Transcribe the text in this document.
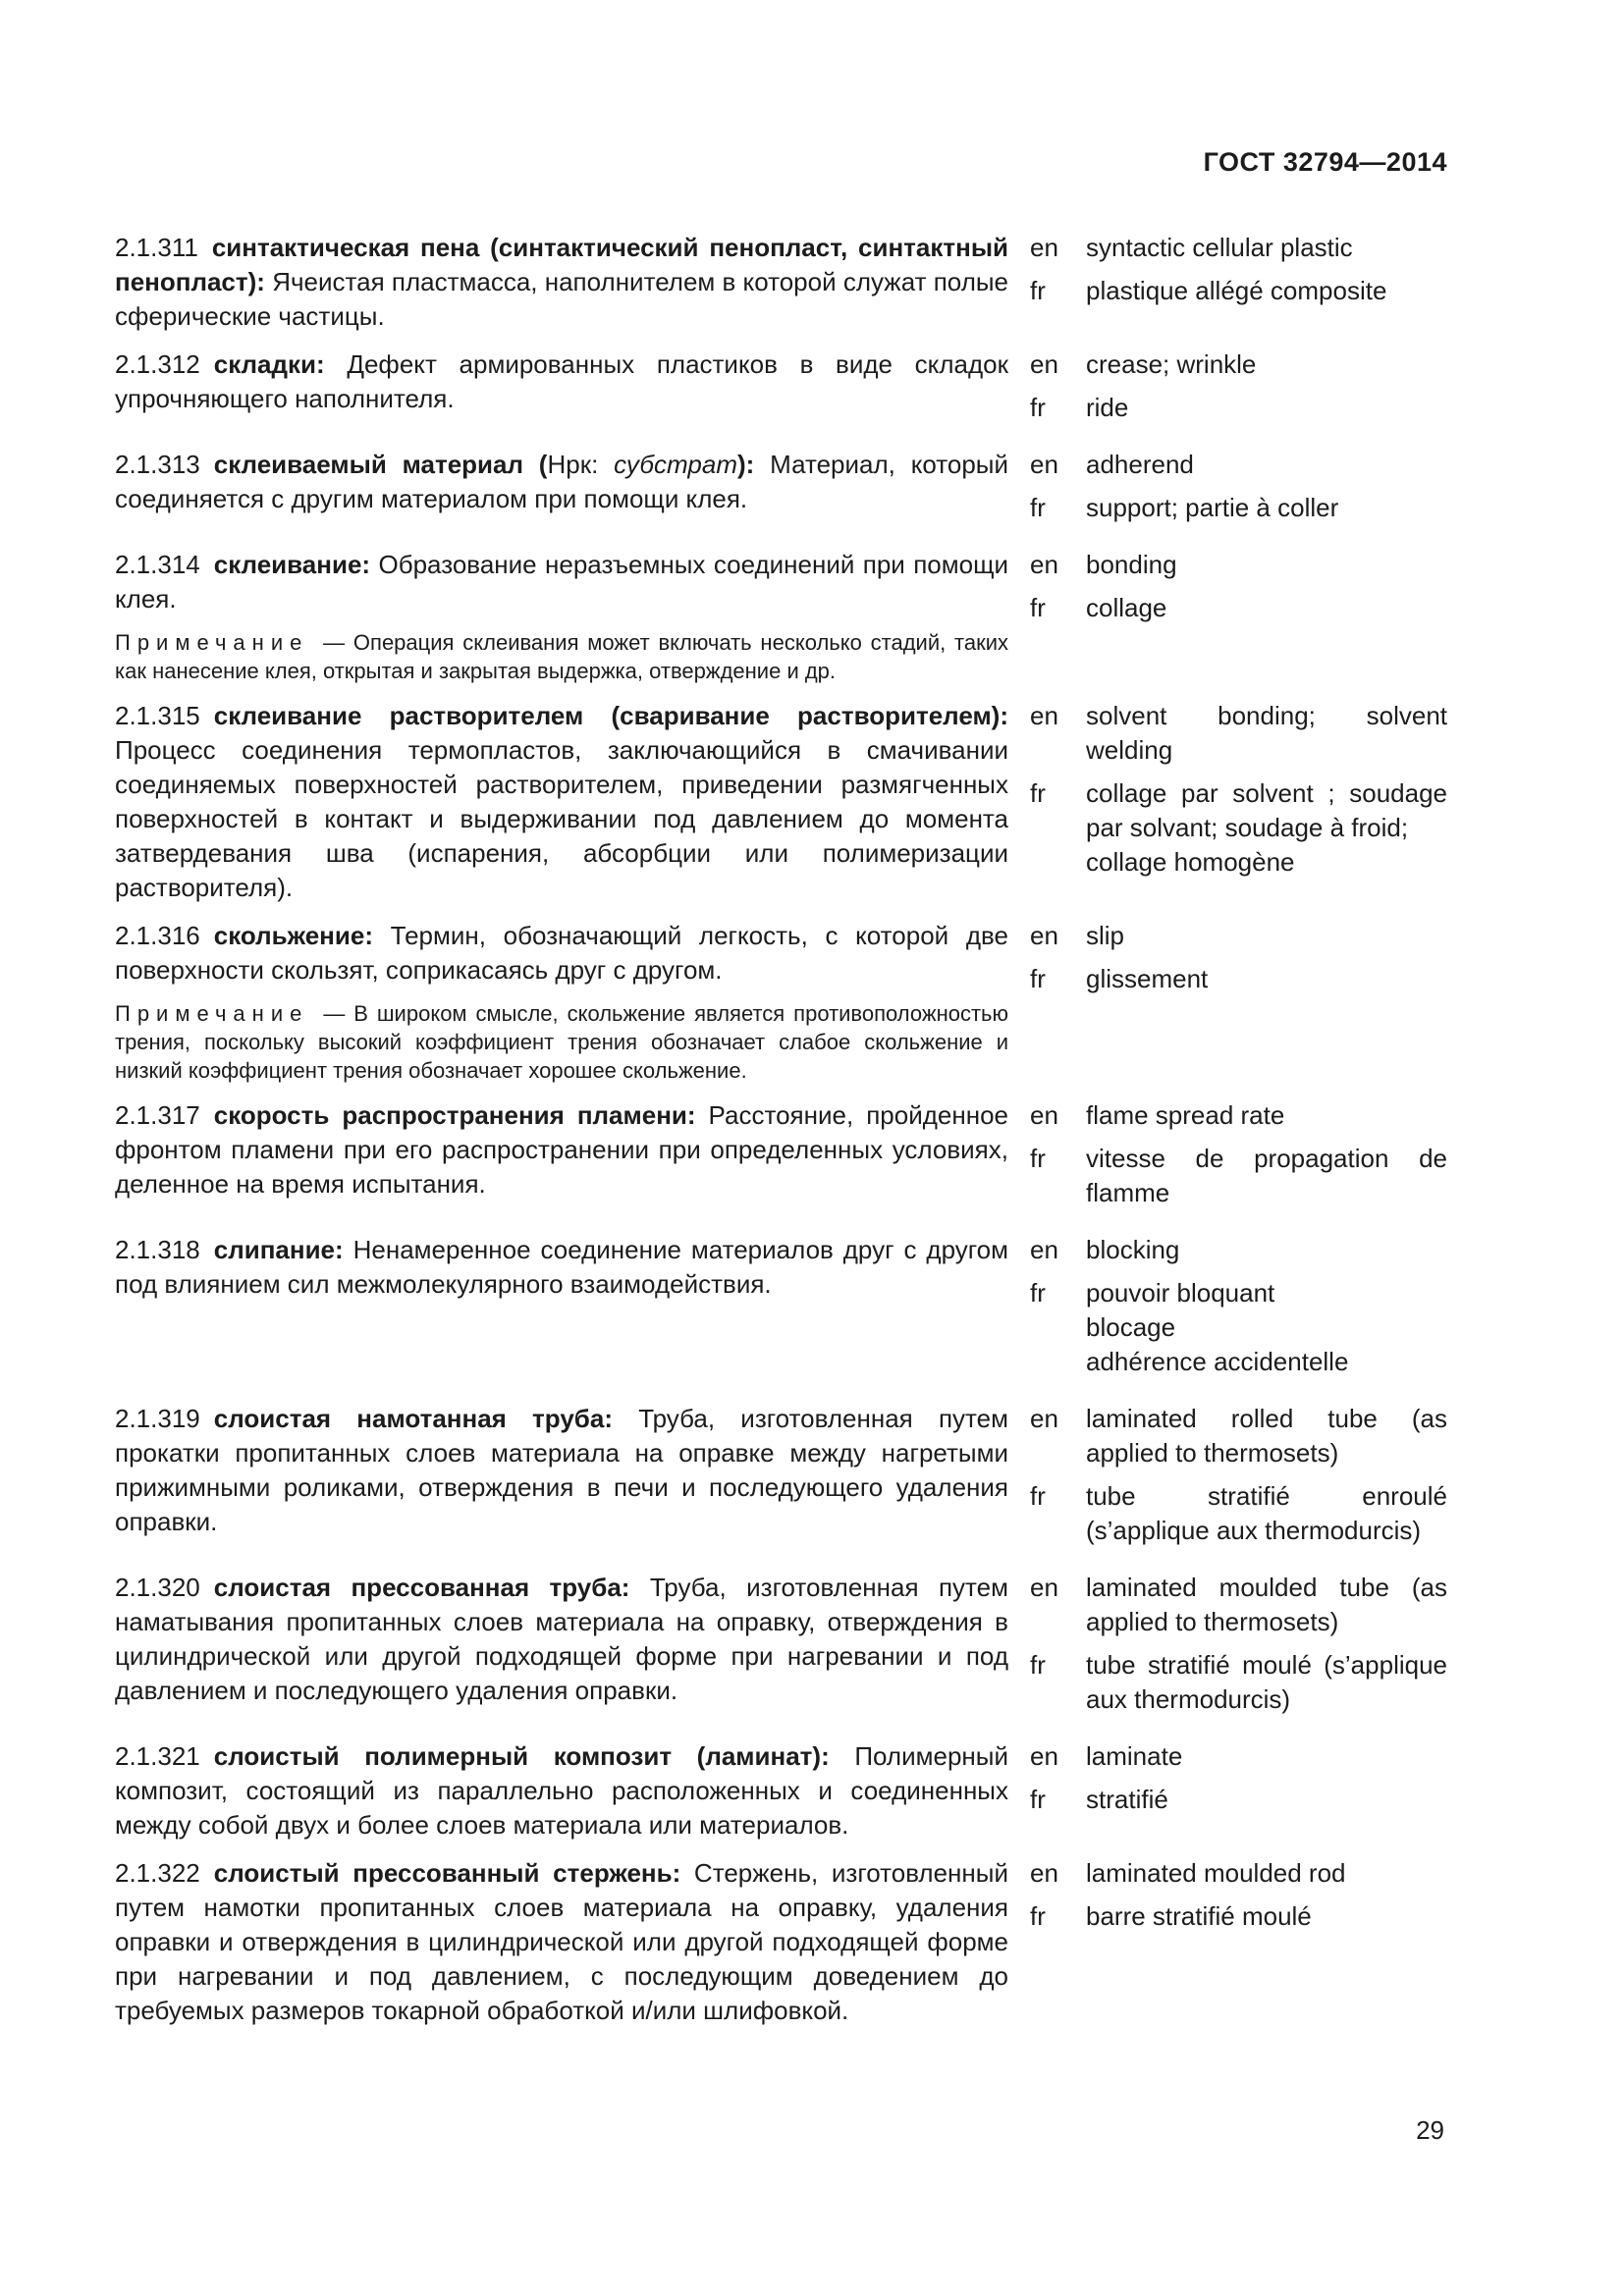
ГОСТ 32794—2014
2.1.311 синтактическая пена (синтактический пенопласт, синтактный пенопласт): Ячеистая пластмасса, наполнителем в которой служат полые сферические частицы.
en	syntactic cellular plastic
fr	plastique allégé composite
2.1.312 складки: Дефект армированных пластиков в виде складок упрочняющего наполнителя.
en	crease; wrinkle
fr	ride
2.1.313 склеиваемый материал (Нрк: субстрат): Материал, который соединяется с другим материалом при помощи клея.
en	adherend
fr	support; partie à coller
2.1.314 склеивание: Образование неразъемных соединений при помощи клея.
Примечание — Операция склеивания может включать несколько стадий, таких как нанесение клея, открытая и закрытая выдержка, отверждение и др.
en	bonding
fr	collage
2.1.315 склеивание растворителем (сваривание растворителем): Процесс соединения термопластов, заключающийся в смачивании соединяемых поверхностей растворителем, приведении размягченных поверхностей в контакт и выдерживании под давлением до момента затвердевания шва (испарения, абсорбции или полимеризации растворителя).
en	solvent bonding; solvent welding
fr	collage par solvent ; soudage par solvant; soudage à froid;
collage homogène
2.1.316 скольжение: Термин, обозначающий легкость, с которой две поверхности скользят, соприкасаясь друг с другом.
Примечание — В широком смысле, скольжение является противоположностью трения, поскольку высокий коэффициент трения обозначает слабое скольжение и низкий коэффициент трения обозначает хорошее скольжение.
en	slip
fr	glissement
2.1.317 скорость распространения пламени: Расстояние, пройденное фронтом пламени при его распространении при определенных условиях, деленное на время испытания.
en	flame spread rate
fr	vitesse de propagation de flamme
2.1.318 слипание: Ненамеренное соединение материалов друг с другом под влиянием сил межмолекулярного взаимодействия.
en	blocking
fr	pouvoir bloquant
blocage
adhérence accidentelle
2.1.319 слоистая намотанная труба: Труба, изготовленная путем прокатки пропитанных слоев материала на оправке между нагретыми прижимными роликами, отверждения в печи и последующего удаления оправки.
en	laminated rolled tube (as applied to thermosets)
fr	tube stratifié enroulé (s’applique aux thermodurcis)
2.1.320 слоистая прессованная труба: Труба, изготовленная путем наматывания пропитанных слоев материала на оправку, отверждения в цилиндрической или другой подходящей форме при нагревании и под давлением и последующего удаления оправки.
en	laminated moulded tube (as applied to thermosets)
fr	tube stratifié moulé (s’applique aux thermodurcis)
2.1.321 слоистый полимерный композит (ламинат): Полимерный композит, состоящий из параллельно расположенных и соединенных между собой двух и более слоев материала или материалов.
en	laminate
fr	stratifié
2.1.322 слоистый прессованный стержень: Стержень, изготовленный путем намотки пропитанных слоев материала на оправку, удаления оправки и отверждения в цилиндрической или другой подходящей форме при нагревании и под давлением, с последующим доведением до требуемых размеров токарной обработкой и/или шлифовкой.
en	laminated moulded rod
fr	barre stratifié moulé
29
